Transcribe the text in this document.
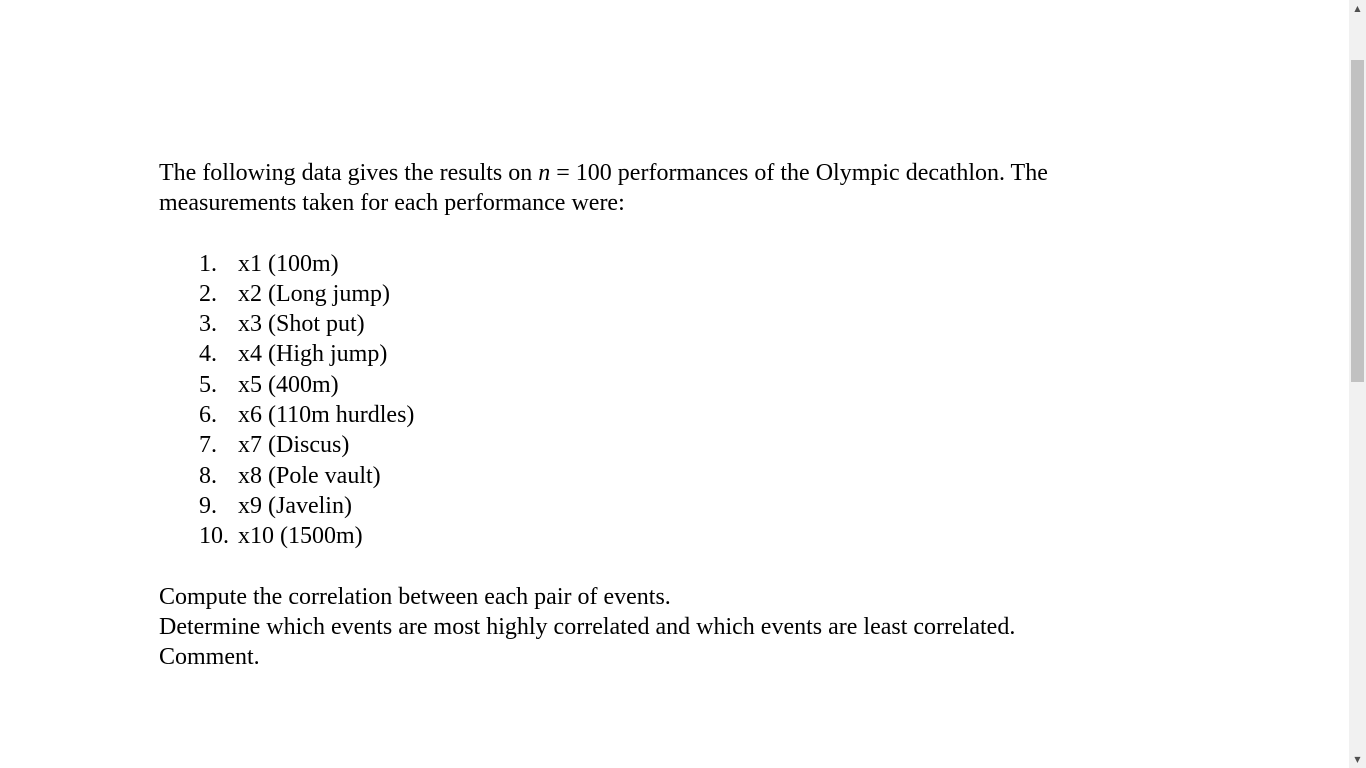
The following data gives the results on n = 100 performances of the Olympic decathlon. The measurements taken for each performance were:

1. x1 (100m)
2. x2 (Long jump)
3. x3 (Shot put)
4. x4 (High jump)
5. x5 (400m)
6. x6 (110m hurdles)
7. x7 (Discus)
8. x8 (Pole vault)
9. x9 (Javelin)
10. x10 (1500m)

Compute the correlation between each pair of events.

Determine which events are most highly correlated and which events are least correlated.

Comment.

▲
▼
